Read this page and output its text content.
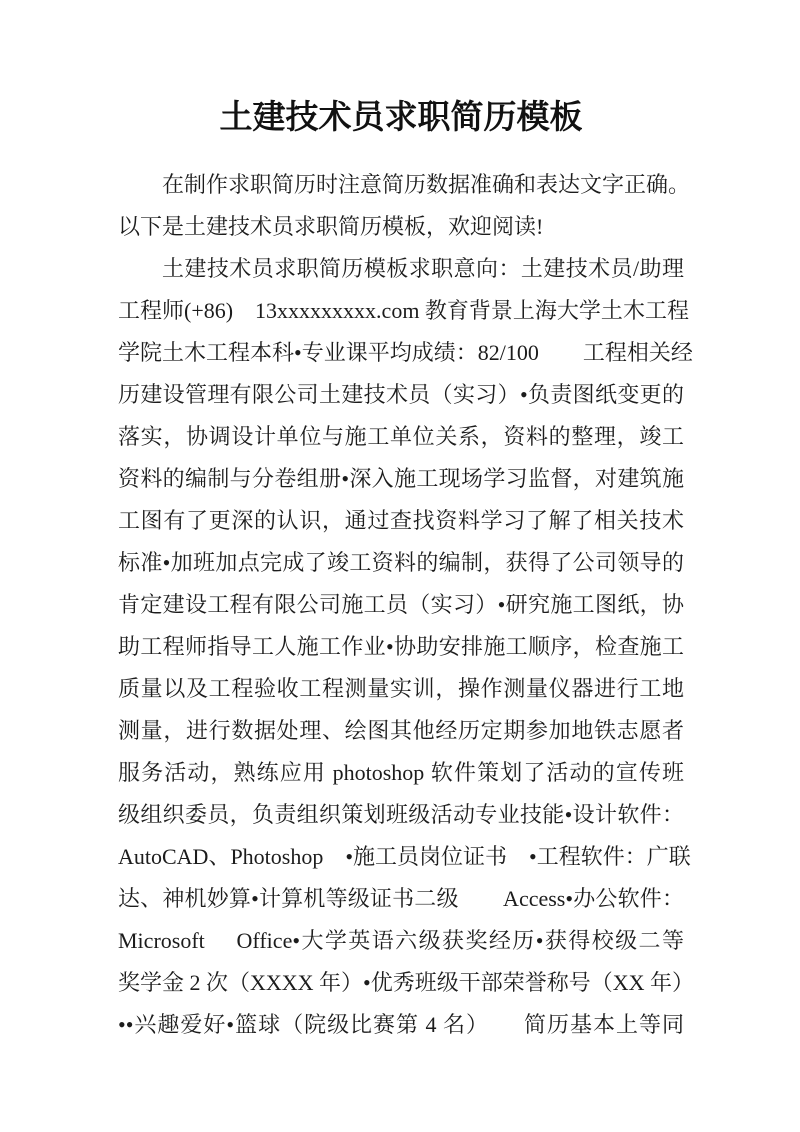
土建技术员求职简历模板
在制作求职简历时注意简历数据准确和表达文字正确。
以下是土建技术员求职简历模板，欢迎阅读!
土建技术员求职简历模板求职意向：土建技术员/助理
工程师(+86)　13xxxxxxxxx.com 教育背景上海大学土木工程
学院土木工程本科•专业课平均成绩：82/100　　工程相关经
历建设管理有限公司土建技术员（实习）•负责图纸变更的
落实，协调设计单位与施工单位关系，资料的整理，竣工
资料的编制与分卷组册•深入施工现场学习监督，对建筑施
工图有了更深的认识，通过查找资料学习了解了相关技术
标准•加班加点完成了竣工资料的编制，获得了公司领导的
肯定建设工程有限公司施工员（实习）•研究施工图纸，协
助工程师指导工人施工作业•协助安排施工顺序，检查施工
质量以及工程验收工程测量实训，操作测量仪器进行工地
测量，进行数据处理、绘图其他经历定期参加地铁志愿者
服务活动，熟练应用 photoshop 软件策划了活动的宣传班
级组织委员，负责组织策划班级活动专业技能•设计软件：
AutoCAD、Photoshop　•施工员岗位证书　•工程软件：广联
达、神机妙算•计算机等级证书二级　　Access•办公软件：
Microsoft　 Office•大学英语六级获奖经历•获得校级二等
奖学金 2 次（XXXX 年）•优秀班级干部荣誉称号（XX 年）
••兴趣爱好•篮球（院级比赛第 4 名）　　简历基本上等同
